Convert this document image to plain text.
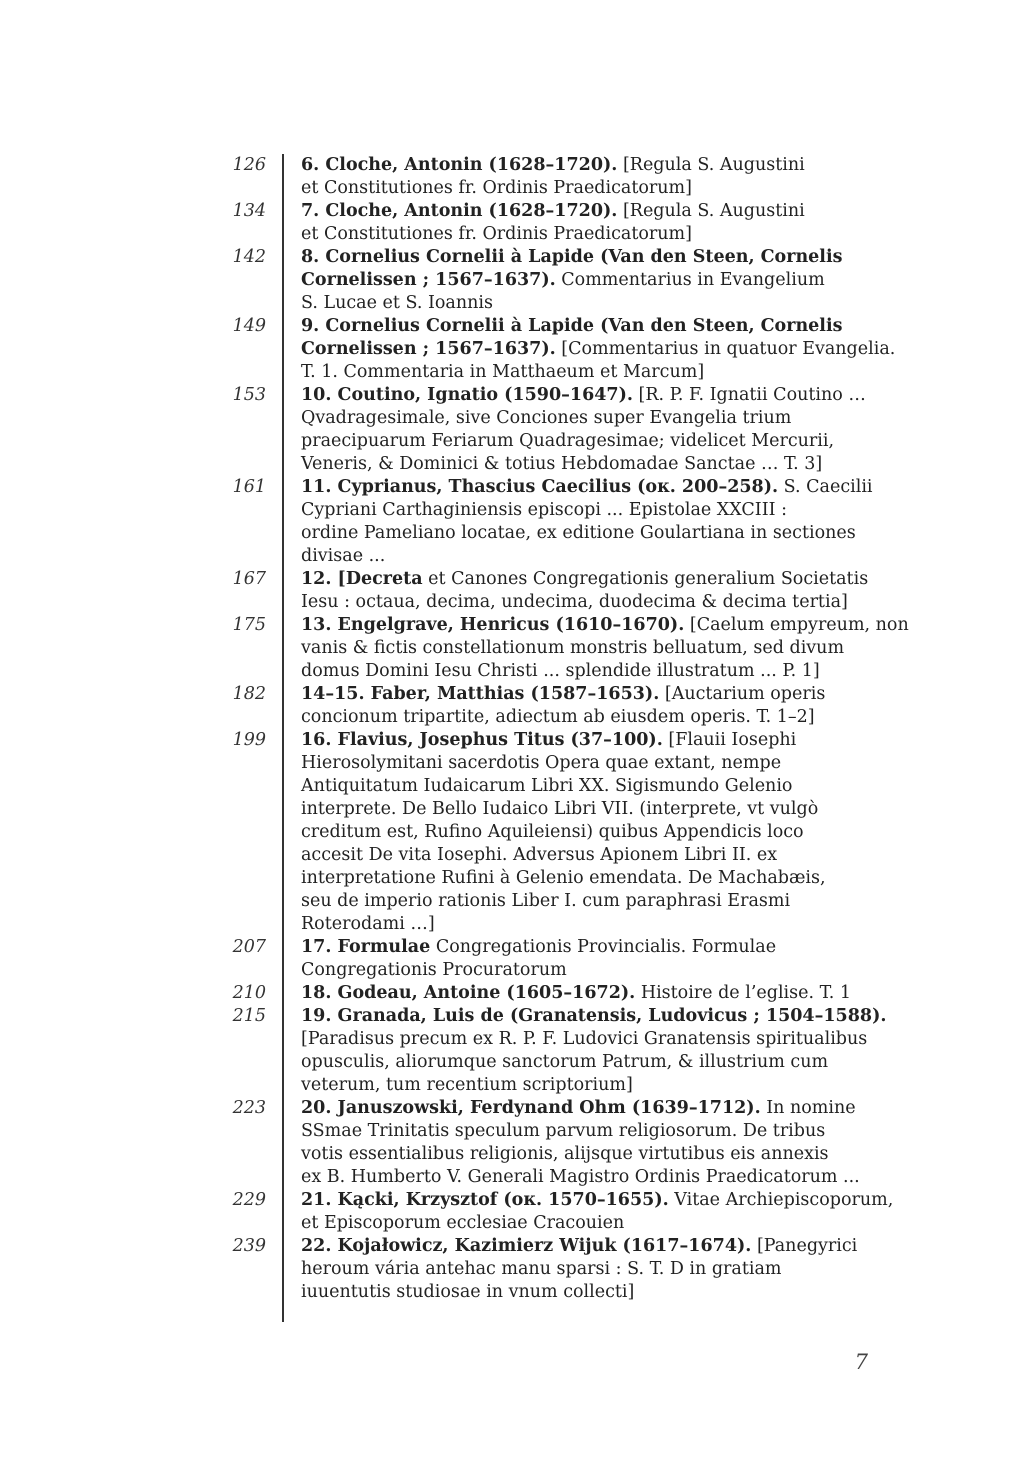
126 6. Cloche, Antonin (1628–1720). [Regula S. Augustini
et Constitutiones fr. Ordinis Praedicatorum]
134 7. Cloche, Antonin (1628–1720). [Regula S. Augustini
et Constitutiones fr. Ordinis Praedicatorum]
142 8. Cornelius Cornelii à Lapide (Van den Steen, Cornelis
Cornelissen ; 1567–1637). Commentarius in Evangelium
S. Lucae et S. Ioannis
149 9. Cornelius Cornelii à Lapide (Van den Steen, Cornelis
Cornelissen ; 1567–1637). [Commentarius in quatuor Evangelia.
T. 1. Commentaria in Matthaeum et Marcum]
153 10. Coutino, Ignatio (1590–1647). [R. P. F. Ignatii Coutino …
Qvadragesimale, sive Conciones super Evangelia trium
praecipuarum Feriarum Quadragesimae; videlicet Mercurii,
Veneris, & Dominici & totius Hebdomadae Sanctae … T. 3]
161 11. Cyprianus, Thascius Caecilius (ок. 200–258). S. Caecilii
Cypriani Carthaginiensis episcopi ... Epistolae XXCIII :
ordine Pameliano locatae, ex editione Goulartiana in sectiones
divisae ...
167 12. [Decreta et Canones Congregationis generalium Societatis
Iesu : octaua, decima, undecima, duodecima & decima tertia]
175 13. Engelgrave, Henricus (1610–1670). [Caelum empyreum, non
vanis & fictis constellationum monstris belluatum, sed divum
domus Domini Iesu Christi ... splendide illustratum ... P. 1]
182 14–15. Faber, Matthias (1587–1653). [Auctarium operis
concionum tripartite, adiectum ab eiusdem operis. T. 1–2]
199 16. Flavius, Josephus Titus (37–100). [Flauii Iosephi
Hierosolymitani sacerdotis Opera quae extant, nempe
Antiquitatum Iudaicarum Libri XX. Sigismundo Gelenio
interprete. De Bello Iudaico Libri VII. (interprete, vt vulgò
creditum est, Rufino Aquileiensi) quibus Appendicis loco
accesit De vita Iosephi. Adversus Apionem Libri II. ex
interpretatione Rufini à Gelenio emendata. De Machabæis,
seu de imperio rationis Liber I. cum paraphrasi Erasmi
Roterodami …]
207 17. Formulae Congregationis Provincialis. Formulae
Congregationis Procuratorum
210 18. Godeau, Antoine (1605–1672). Histoire de l’eglise. T. 1
215 19. Granada, Luis de (Granatensis, Ludovicus ; 1504–1588).
[Paradisus precum ex R. P. F. Ludovici Granatensis spiritualibus
opusculis, aliorumque sanctorum Patrum, & illustrium cum
veterum, tum recentium scriptorium]
223 20. Januszowski, Ferdynand Ohm (1639–1712). In nomine
SSmae Trinitatis speculum parvum religiosorum. De tribus
votis essentialibus religionis, alijsque virtutibus eis annexis
ex B. Humberto V. Generali Magistro Ordinis Praedicatorum ...
229 21. Kącki, Krzysztof (ок. 1570–1655). Vitae Archiepiscoporum,
et Episcoporum ecclesiae Cracouien
239 22. Kojałowicz, Kazimierz Wijuk (1617–1674). [Panegyrici
heroum vária antehac manu sparsi : S. T. D in gratiam
iuuentutis studiosae in vnum collecti]
7
